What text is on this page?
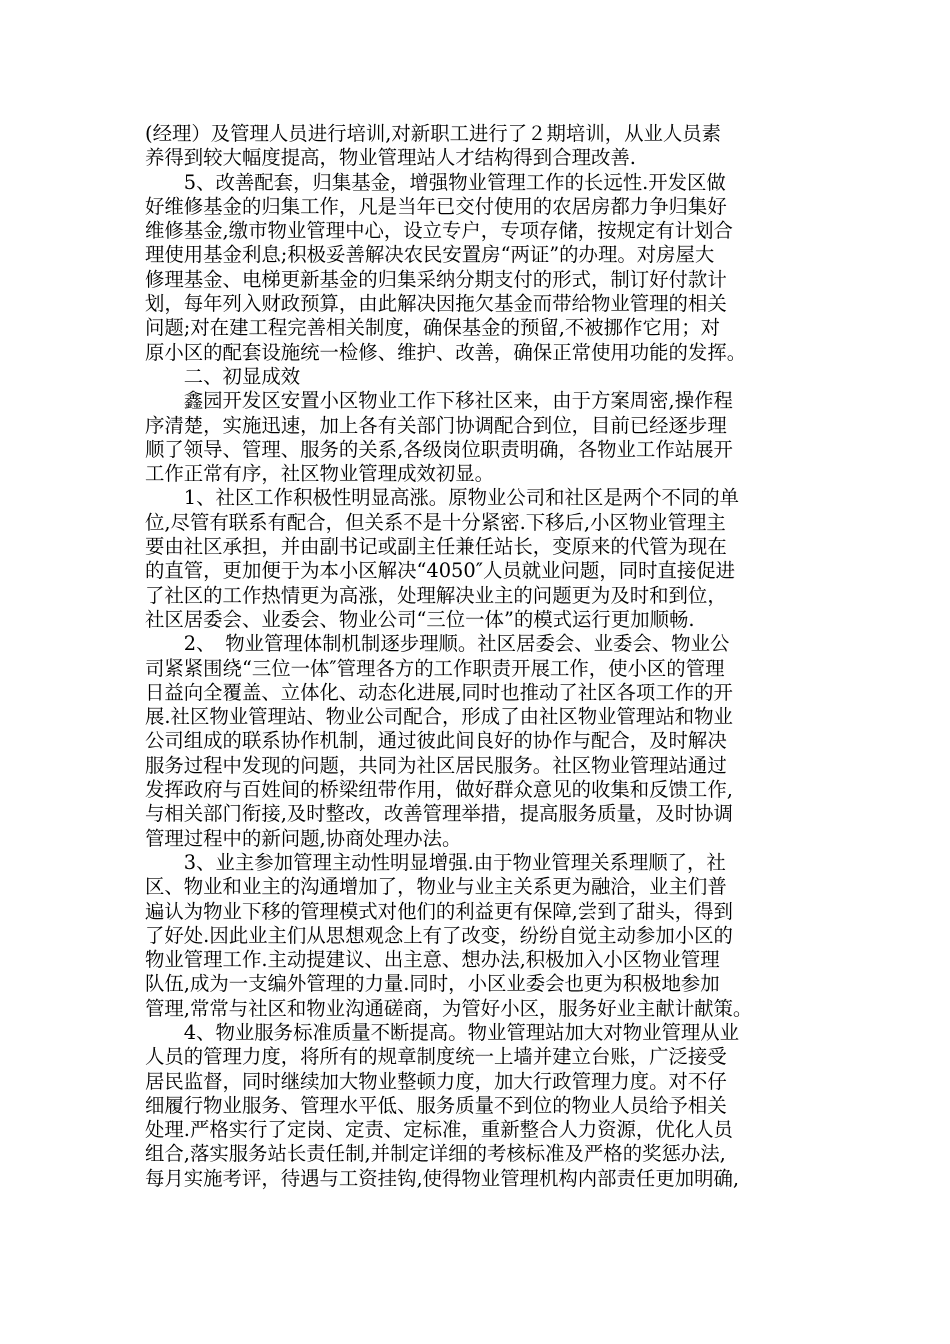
(经理）及管理人员进行培训,对新职工进行了２期培训，从业人员素
养得到较大幅度提高，物业管理站人才结构得到合理改善.
　　5、改善配套，归集基金，增强物业管理工作的长远性.开发区做
好维修基金的归集工作，凡是当年已交付使用的农居房都力争归集好
维修基金,缴市物业管理中心，设立专户，专项存储，按规定有计划合
理使用基金利息;积极妥善解决农民安置房“两证”的办理。对房屋大
修理基金、电梯更新基金的归集采纳分期支付的形式，制订好付款计
划，每年列入财政预算，由此解决因拖欠基金而带给物业管理的相关
问题;对在建工程完善相关制度，确保基金的预留,不被挪作它用；对
原小区的配套设施统一检修、维护、改善，确保正常使用功能的发挥。
　　二、初显成效
　　鑫园开发区安置小区物业工作下移社区来，由于方案周密,操作程
序清楚，实施迅速，加上各有关部门协调配合到位，目前已经逐步理
顺了领导、管理、服务的关系,各级岗位职责明确，各物业工作站展开
工作正常有序，社区物业管理成效初显。
　　1、社区工作积极性明显高涨。原物业公司和社区是两个不同的单
位,尽管有联系有配合，但关系不是十分紧密.下移后,小区物业管理主
要由社区承担，并由副书记或副主任兼任站长，变原来的代管为现在
的直管，更加便于为本小区解决“4050″人员就业问题，同时直接促进
了社区的工作热情更为高涨，处理解决业主的问题更为及时和到位，
社区居委会、业委会、物业公司“三位一体”的模式运行更加顺畅.
　　2、　物业管理体制机制逐步理顺。社区居委会、业委会、物业公
司紧紧围绕“三位一体″管理各方的工作职责开展工作，使小区的管理
日益向全覆盖、立体化、动态化进展,同时也推动了社区各项工作的开
展.社区物业管理站、物业公司配合，形成了由社区物业管理站和物业
公司组成的联系协作机制，通过彼此间良好的协作与配合，及时解决
服务过程中发现的问题，共同为社区居民服务。社区物业管理站通过
发挥政府与百姓间的桥梁纽带作用，做好群众意见的收集和反馈工作,
与相关部门衔接,及时整改，改善管理举措，提高服务质量，及时协调
管理过程中的新问题,协商处理办法。
　　3、业主参加管理主动性明显增强.由于物业管理关系理顺了，社
区、物业和业主的沟通增加了，物业与业主关系更为融洽，业主们普
遍认为物业下移的管理模式对他们的利益更有保障,尝到了甜头，得到
了好处.因此业主们从思想观念上有了改变，纷纷自觉主动参加小区的
物业管理工作.主动提建议、出主意、想办法,积极加入小区物业管理
队伍,成为一支编外管理的力量.同时，小区业委会也更为积极地参加
管理,常常与社区和物业沟通磋商，为管好小区，服务好业主献计献策。
　　4、物业服务标准质量不断提高。物业管理站加大对物业管理从业
人员的管理力度，将所有的规章制度统一上墙并建立台账，广泛接受
居民监督，同时继续加大物业整顿力度，加大行政管理力度。对不仔
细履行物业服务、管理水平低、服务质量不到位的物业人员给予相关
处理.严格实行了定岗、定责、定标准，重新整合人力资源，优化人员
组合,落实服务站长责任制,并制定详细的考核标准及严格的奖惩办法,
每月实施考评，待遇与工资挂钩,使得物业管理机构内部责任更加明确,
